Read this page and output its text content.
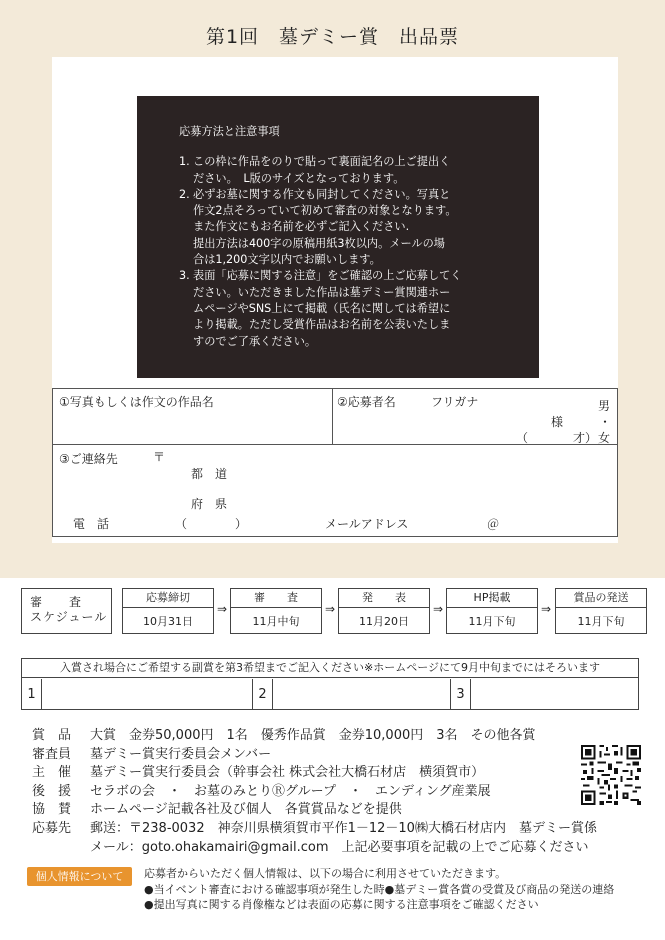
第1回　墓デミー賞　出品票
応募方法と注意事項
1. この枠に作品をのりで貼って裏面記名の上ご提出く
ださい。　L版のサイズとなっております。
2. 必ずお墓に関する作文も同封してください。写真と
作文2点そろっていて初めて審査の対象となります。
また作文にもお名前を必ずご記入ください.
提出方法は400字の原稿用紙3枚以内。メールの場
合は1,200文字以内でお願いします。
3. 表面「応募に関する注意」をご確認の上ご応募してく
ださい。いただきました作品は墓デミー賞関連ホー
ムページやSNS上にて掲載（氏名に関しては希望に
より掲載。ただし受賞作品はお名前を公表いたしま
すのでご了承ください。
①写真もしくは作文の作品名	②応募者名	フリガナ	男
様	・
（	才） 女
③ご連絡先	〒
都　道
府　県
電　話	（　　　　）	メールアドレス	＠
審　　査
スケジュール
応募締切
10月31日
⇒
審　　査
11月中旬
⇒
発　　表
11月20日
⇒
HP掲載
11月下旬
⇒
賞品の発送
11月下旬
入賞され場合にご希望する副賞を第3希望までご記入ください※ホームページにて9月中旬までにはそろいます
1	2	3
賞　品	大賞　金券50,000円　1名　優秀作品賞　金券10,000円　3名　その他各賞
審査員	墓デミー賞実行委員会メンバー
主　催	墓デミー賞実行委員会（幹事会社 株式会社大橋石材店　横須賀市）
後　援	セラボの会　・　お墓のみとりⓇグループ　・　エンディング産業展
協　賛	ホームページ記載各社及び個人　各賞賞品などを提供
応募先	郵送：〒238-0032　神奈川県横須賀市平作1－12－10㈱大橋石材店内　墓デミー賞係
メール：goto.ohakamairi@gmail.com　上記必要事項を記載の上でご応募ください
個人情報について	応募者からいただく個人情報は、以下の場合に利用させていただきます。
●当イベント審査における確認事項が発生した時●墓デミー賞各賞の受賞及び商品の発送の連絡
●提出写真に関する肖像権などは表面の応募に関する注意事項をご確認ください
